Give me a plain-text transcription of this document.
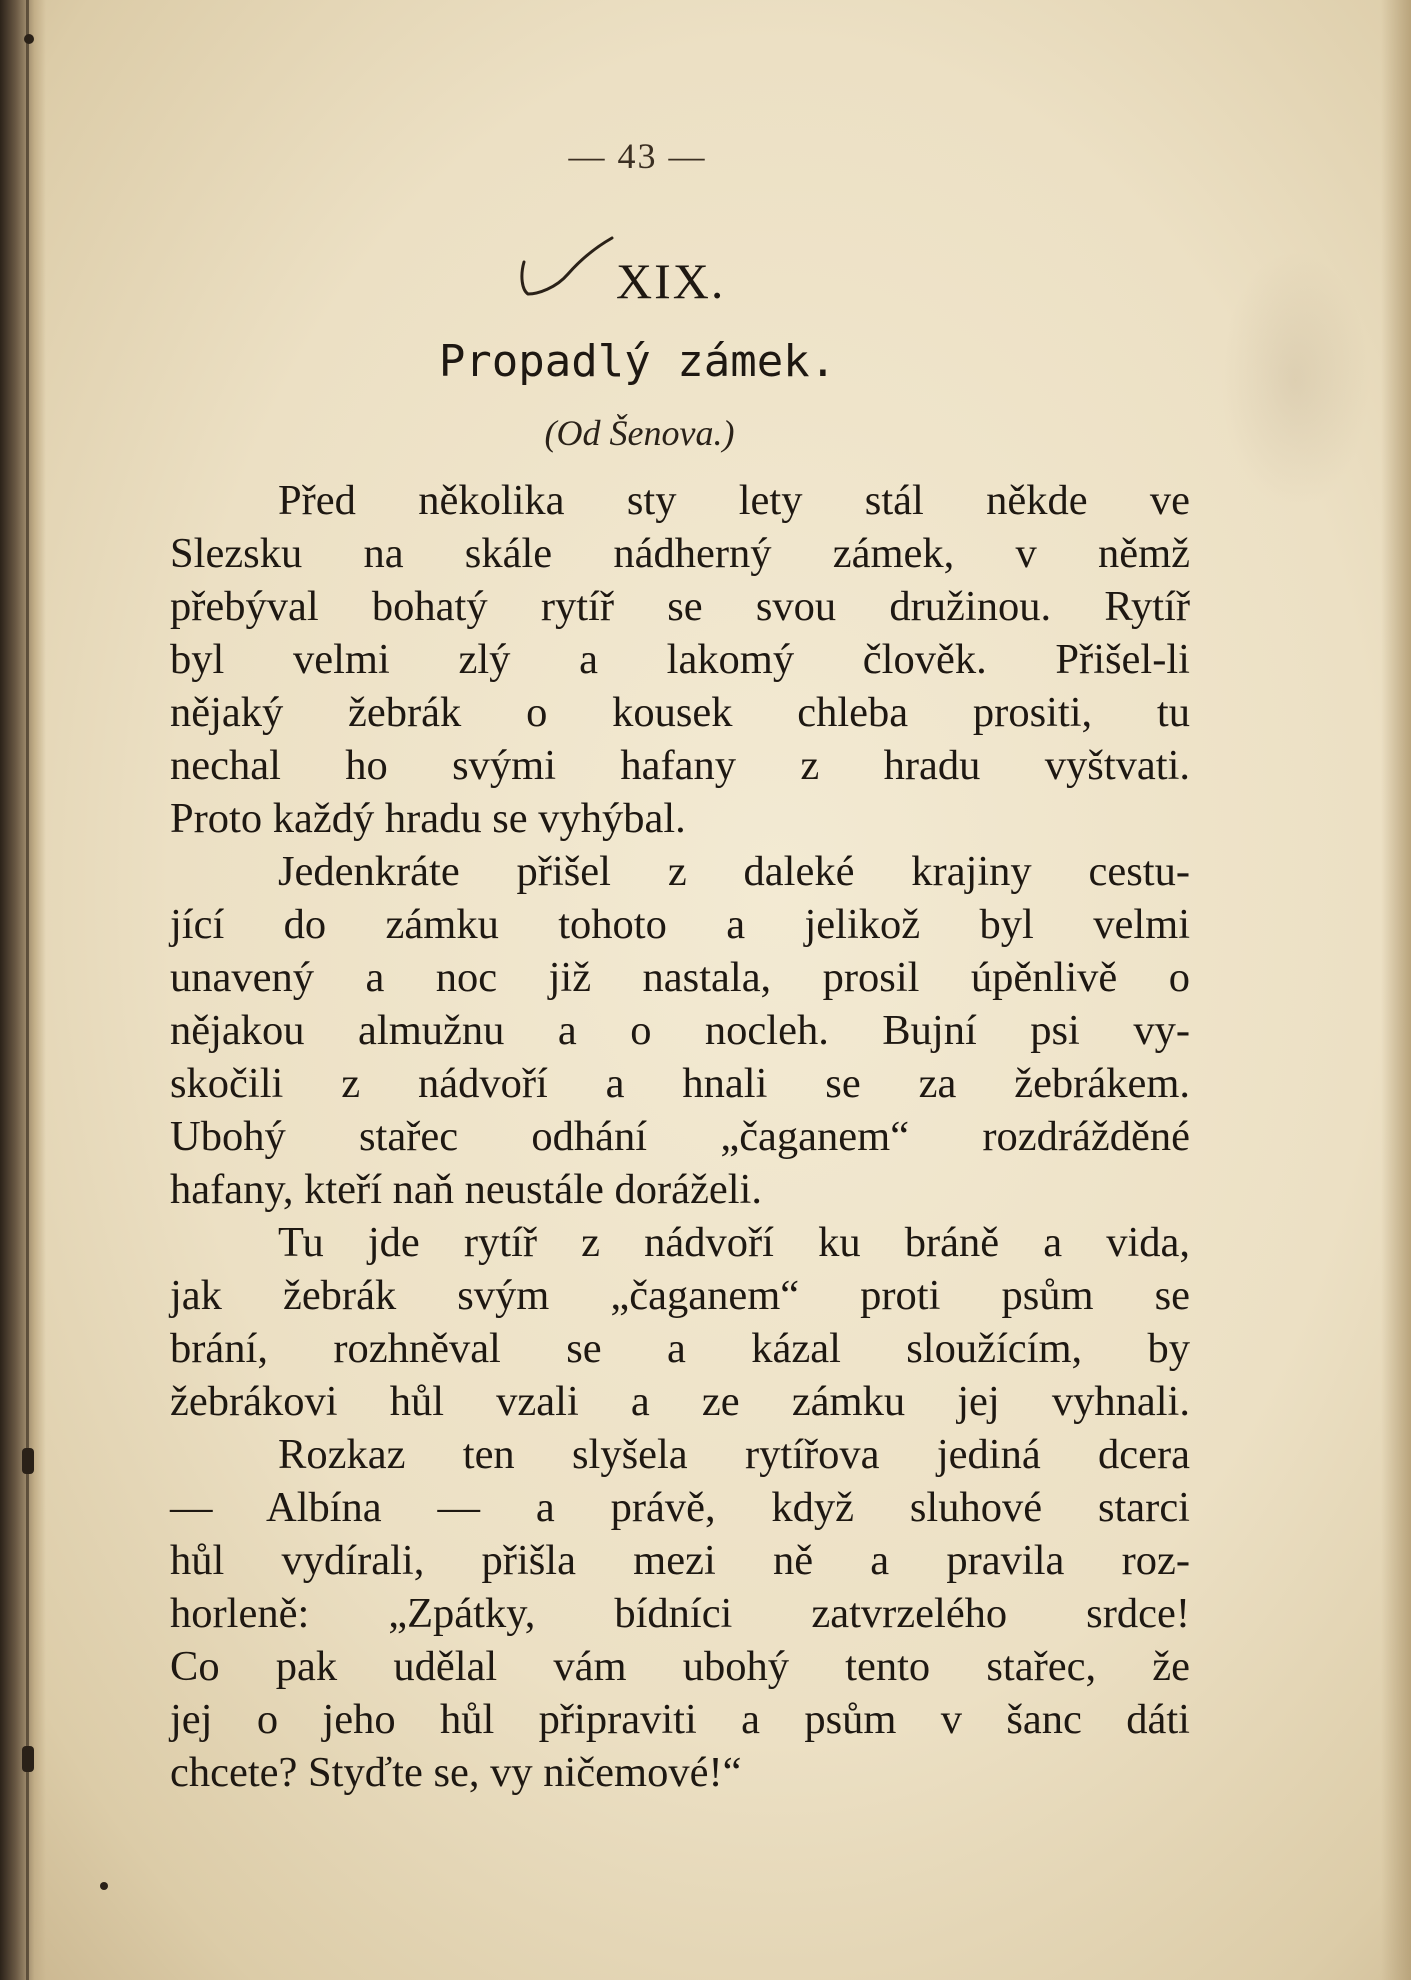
— 43 —
XIX.
Propadlý zámek.
(Od Šenova.)
Před několika sty lety stál někde ve
Slezsku na skále nádherný zámek, v němž
přebýval bohatý rytíř se svou družinou. Rytíř
byl velmi zlý a lakomý člověk. Přišel-li
nějaký žebrák o kousek chleba prositi, tu
nechal ho svými hafany z hradu vyštvati.
Proto každý hradu se vyhýbal.
Jedenkráte přišel z daleké krajiny cestu-
jící do zámku tohoto a jelikož byl velmi
unavený a noc již nastala, prosil úpěnlivě o
nějakou almužnu a o nocleh. Bujní psi vy-
skočili z nádvoří a hnali se za žebrákem.
Ubohý stařec odhání „čaganem“ rozdrážděné
hafany, kteří naň neustále doráželi.
Tu jde rytíř z nádvoří ku bráně a vida,
jak žebrák svým „čaganem“ proti psům se
brání, rozhněval se a kázal sloužícím, by
žebrákovi hůl vzali a ze zámku jej vyhnali.
Rozkaz ten slyšela rytířova jediná dcera
— Albína — a právě, když sluhové starci
hůl vydírali, přišla mezi ně a pravila roz-
horleně: „Zpátky, bídníci zatvrzelého srdce!
Co pak udělal vám ubohý tento stařec, že
jej o jeho hůl připraviti a psům v šanc dáti
chcete? Styďte se, vy ničemové!“
